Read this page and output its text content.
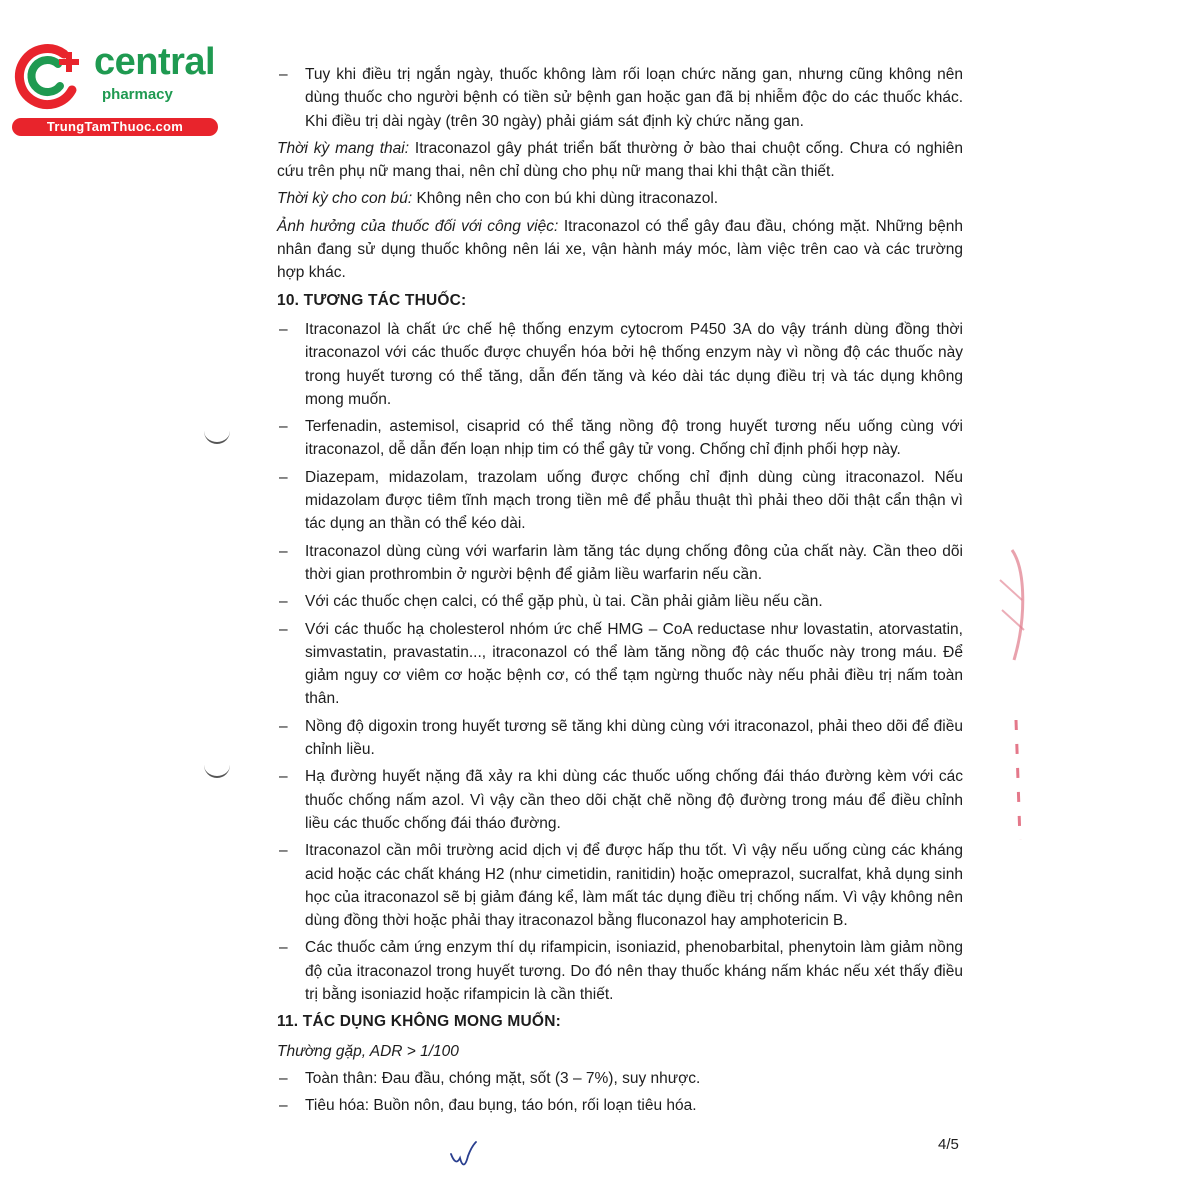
central
pharmacy
TrungTamThuoc.com
– Tuy khi điều trị ngắn ngày, thuốc không làm rối loạn chức năng gan, nhưng cũng không nên dùng thuốc cho người bệnh có tiền sử bệnh gan hoặc gan đã bị nhiễm độc do các thuốc khác. Khi điều trị dài ngày (trên 30 ngày) phải giám sát định kỳ chức năng gan.

Thời kỳ mang thai: Itraconazol gây phát triển bất thường ở bào thai chuột cống. Chưa có nghiên cứu trên phụ nữ mang thai, nên chỉ dùng cho phụ nữ mang thai khi thật cần thiết.

Thời kỳ cho con bú: Không nên cho con bú khi dùng itraconazol.

Ảnh hưởng của thuốc đối với công việc: Itraconazol có thể gây đau đầu, chóng mặt. Những bệnh nhân đang sử dụng thuốc không nên lái xe, vận hành máy móc, làm việc trên cao và các trường hợp khác.

10. TƯƠNG TÁC THUỐC:
– Itraconazol là chất ức chế hệ thống enzym cytocrom P450 3A do vậy tránh dùng đồng thời itraconazol với các thuốc được chuyển hóa bởi hệ thống enzym này vì nồng độ các thuốc này trong huyết tương có thể tăng, dẫn đến tăng và kéo dài tác dụng điều trị và tác dụng không mong muốn.
– Terfenadin, astemisol, cisaprid có thể tăng nồng độ trong huyết tương nếu uống cùng với itraconazol, dễ dẫn đến loạn nhịp tim có thể gây tử vong. Chống chỉ định phối hợp này.
– Diazepam, midazolam, trazolam uống được chống chỉ định dùng cùng itraconazol. Nếu midazolam được tiêm tĩnh mạch trong tiền mê để phẫu thuật thì phải theo dõi thật cẩn thận vì tác dụng an thần có thể kéo dài.
– Itraconazol dùng cùng với warfarin làm tăng tác dụng chống đông của chất này. Cần theo dõi thời gian prothrombin ở người bệnh để giảm liều warfarin nếu cần.
– Với các thuốc chẹn calci, có thể gặp phù, ù tai. Cần phải giảm liều nếu cần.
– Với các thuốc hạ cholesterol nhóm ức chế HMG – CoA reductase như lovastatin, atorvastatin, simvastatin, pravastatin..., itraconazol có thể làm tăng nồng độ các thuốc này trong máu. Để giảm nguy cơ viêm cơ hoặc bệnh cơ, có thể tạm ngừng thuốc này nếu phải điều trị nấm toàn thân.
– Nồng độ digoxin trong huyết tương sẽ tăng khi dùng cùng với itraconazol, phải theo dõi để điều chỉnh liều.
– Hạ đường huyết nặng đã xảy ra khi dùng các thuốc uống chống đái tháo đường kèm với các thuốc chống nấm azol. Vì vậy cần theo dõi chặt chẽ nồng độ đường trong máu để điều chỉnh liều các thuốc chống đái tháo đường.
– Itraconazol cần môi trường acid dịch vị để được hấp thu tốt. Vì vậy nếu uống cùng các kháng acid hoặc các chất kháng H2 (như cimetidin, ranitidin) hoặc omeprazol, sucralfat, khả dụng sinh học của itraconazol sẽ bị giảm đáng kể, làm mất tác dụng điều trị chống nấm. Vì vậy không nên dùng đồng thời hoặc phải thay itraconazol bằng fluconazol hay amphotericin B.
– Các thuốc cảm ứng enzym thí dụ rifampicin, isoniazid, phenobarbital, phenytoin làm giảm nồng độ của itraconazol trong huyết tương. Do đó nên thay thuốc kháng nấm khác nếu xét thấy điều trị bằng isoniazid hoặc rifampicin là cần thiết.
11. TÁC DỤNG KHÔNG MONG MUỐN:
Thường gặp, ADR > 1/100
– Toàn thân: Đau đầu, chóng mặt, sốt (3 – 7%), suy nhược.
– Tiêu hóa: Buồn nôn, đau bụng, táo bón, rối loạn tiêu hóa.
4/5
